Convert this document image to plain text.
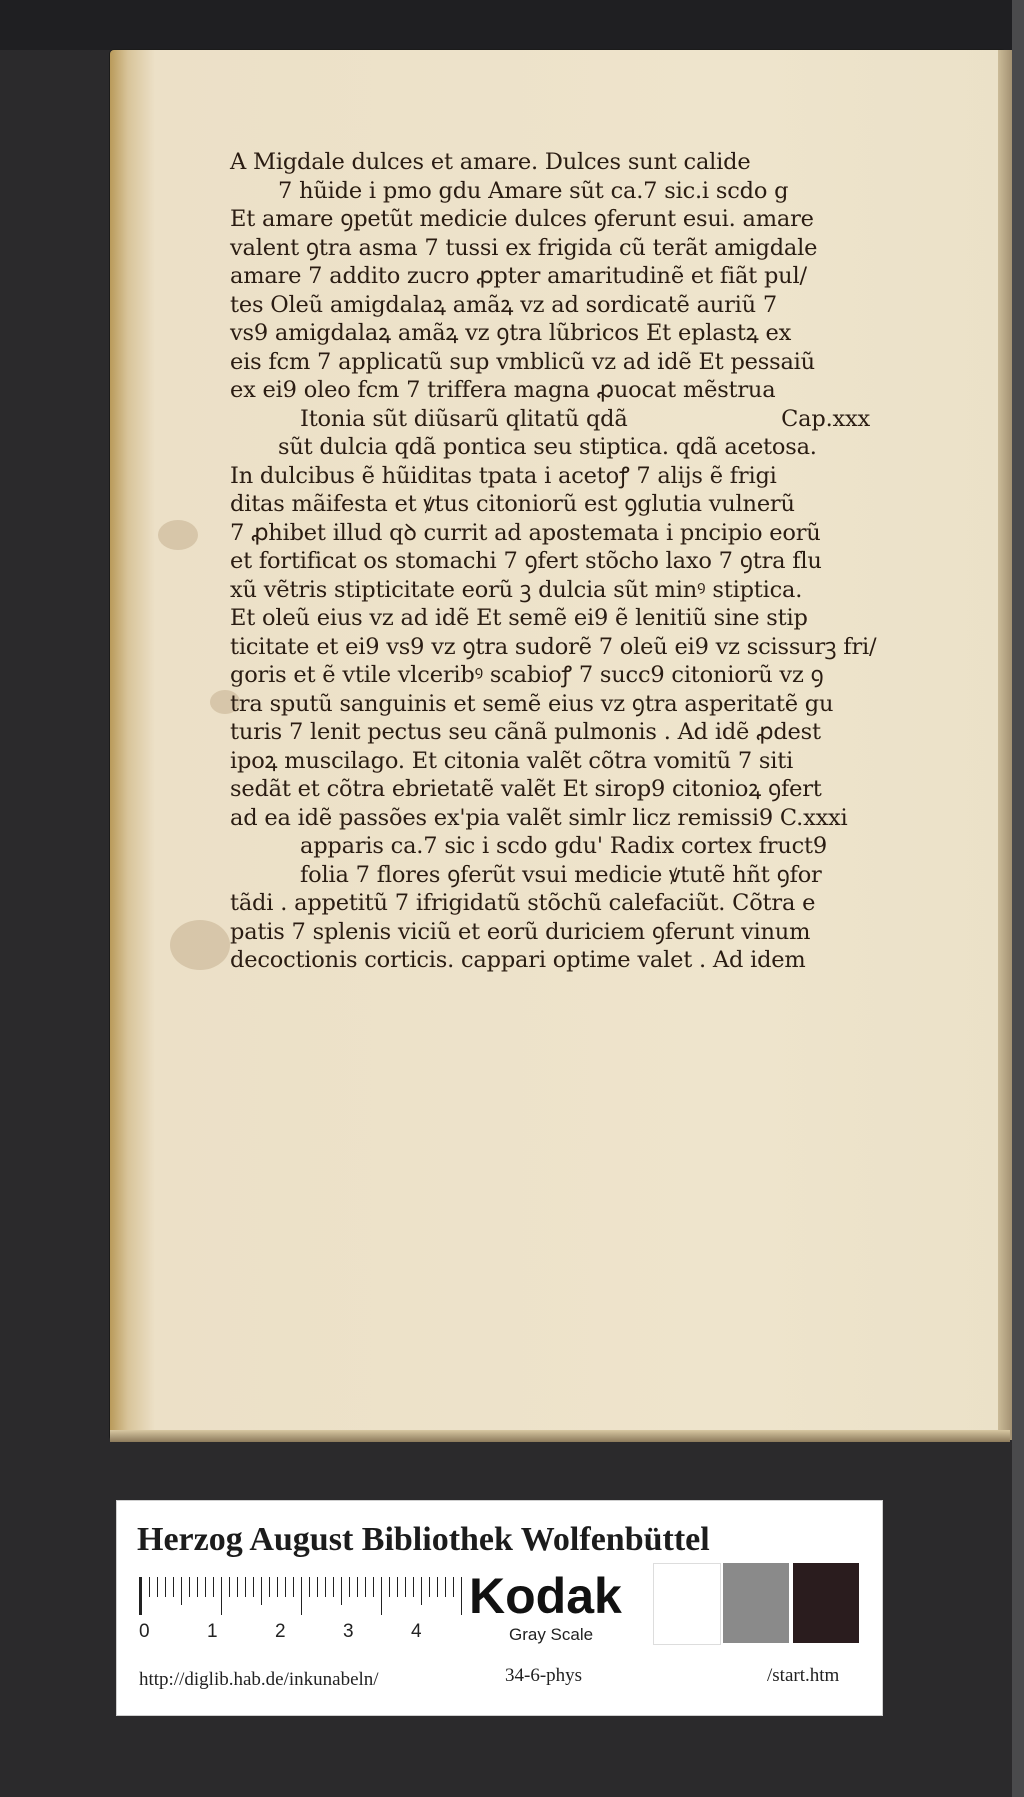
A Migdale dulces et amare. Dulces sunt calide
7 hũide i pmo gdu Amare sũt ca.7 sic.i scdo g
Et amare ꝯpetũt medicie dulces ꝯferunt esui. amare
valent ꝯtra asma 7 tussi ex frigida cũ terãt amigdale
amare 7 addito zucro ꝓpter amaritudinẽ et fiãt pul/
tes Oleũ amigdalaꝝ amãꝝ vz ad sordicatẽ auriũ 7
vs9 amigdalaꝝ amãꝝ vz ꝯtra lũbricos Et eplastꝝ ex
eis fcm 7 applicatũ sup vmblicũ vz ad idẽ Et pessaiũ
ex ei9 oleo fcm 7 triffera magna ꝓuocat mẽstrua
Itonia sũt diũsarũ qlitatũ qdã	Cap.xxx
sũt dulcia qdã pontica seu stiptica. qdã acetosa.
In dulcibus ẽ hũiditas tpata i acetoꝭ 7 alijs ẽ frigi
ditas mãifesta et ꝟtus citoniorũ est ꝯglutia vulnerũ
7 ꝓhibet illud qꝺ currit ad apostemata i pncipio eorũ
et fortificat os stomachi 7 ꝯfert stõcho laxo 7 ꝯtra flu
xũ vẽtris stipticitate eorũ ꝫ dulcia sũt minꝰ stiptica.
Et oleũ eius vz ad idẽ Et semẽ ei9 ẽ lenitiũ sine stip
ticitate et ei9 vs9 vz ꝯtra sudorẽ 7 oleũ ei9 vz scissurꝫ fri/
goris et ẽ vtile vlceribꝰ scabioꝭ 7 succ9 citoniorũ vz ꝯ
tra sputũ sanguinis et semẽ eius vz ꝯtra asperitatẽ gu
turis 7 lenit pectus seu cãnã pulmonis . Ad idẽ ꝓdest
ipoꝝ muscilago. Et citonia valẽt cõtra vomitũ 7 siti
sedãt et cõtra ebrietatẽ valẽt Et sirop9 citonioꝝ ꝯfert
ad ea idẽ passões ex'pia valẽt simlr licz remissi9 C.xxxi
apparis ca.7 sic i scdo gdu' Radix cortex fruct9
folia 7 flores ꝯferũt vsui medicie ꝟtutẽ hñt ꝯfor
tãdi . appetitũ 7 ifrigidatũ stõchũ calefaciũt. Cõtra e
patis 7 splenis viciũ et eorũ duriciem ꝯferunt vinum
decoctionis corticis. cappari optime valet . Ad idem
Herzog August Bibliothek Wolfenbüttel
0	1	2	3	4
Kodak
Gray Scale
http://diglib.hab.de/inkunabeln/	34-6-phys	/start.htm
